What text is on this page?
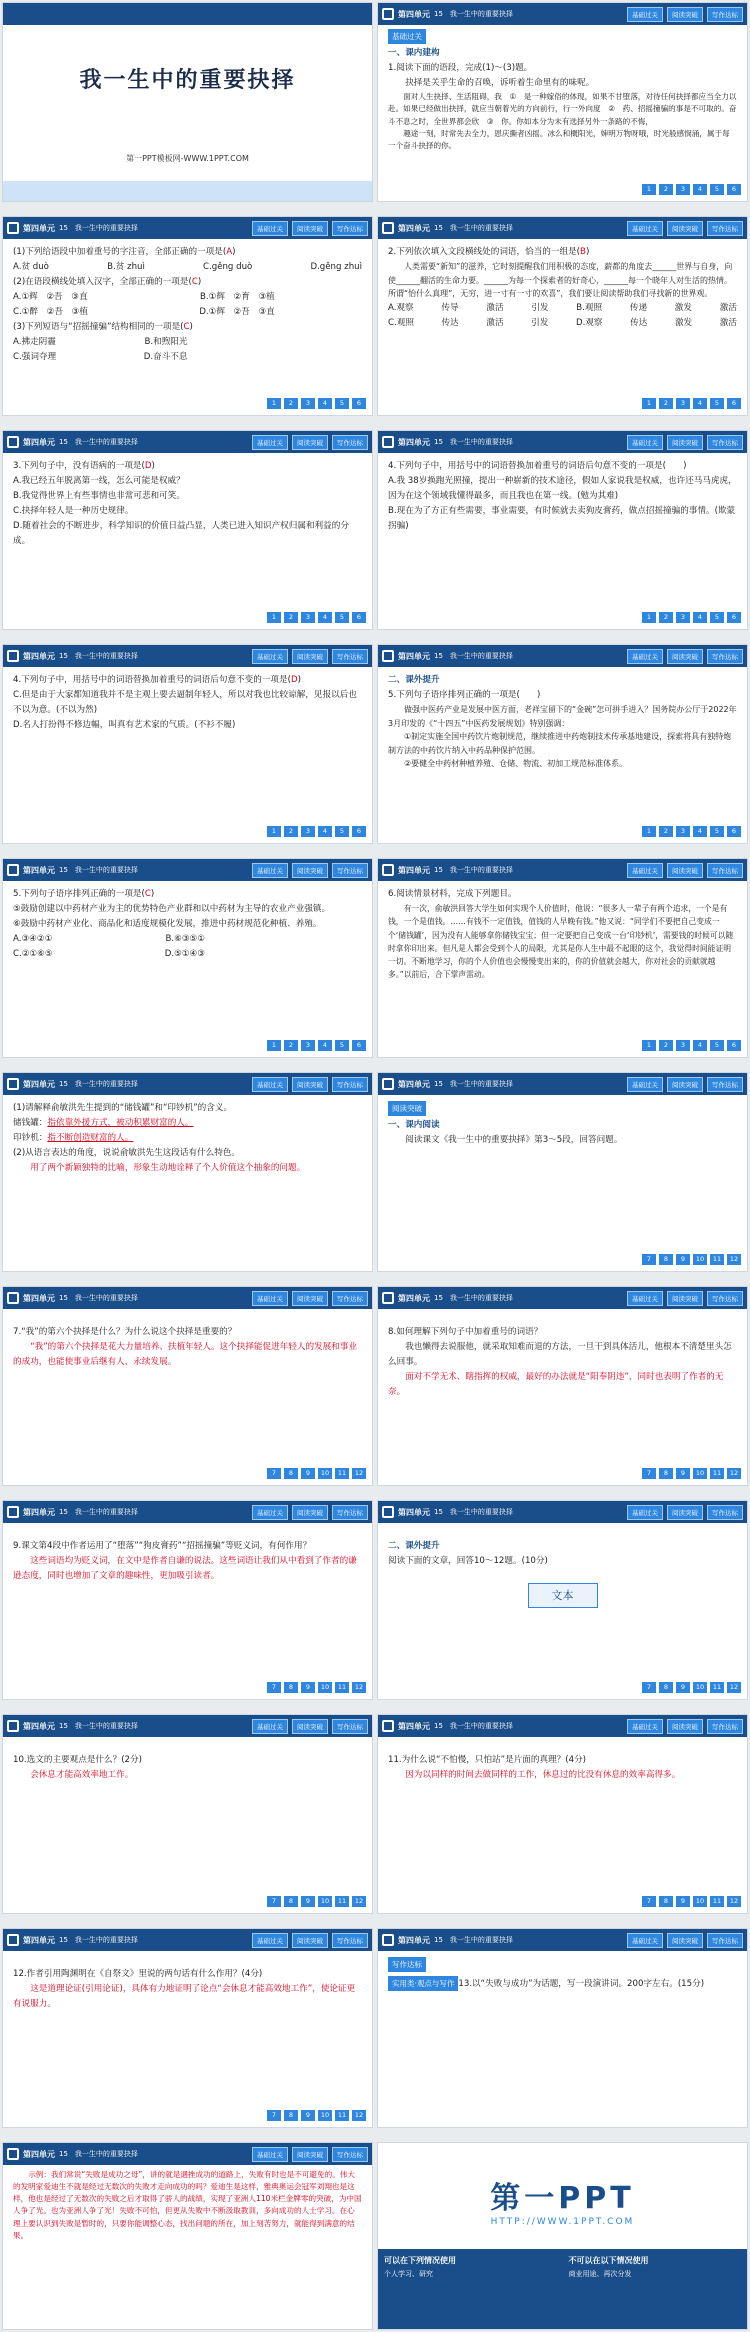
我一生中的重要抉择
第一PPT模板网-WWW.1PPT.COM
第四单元 15　我一生中的重要抉择	基础过关	阅读突破	写作达标
基础过关

一、课内建构

1.阅读下面的语段，完成(1)～(3)题。

抉择是关乎生命的召唤，诉听着生命里有的味呢。

面对人生抉择、生活阻碍，我　①　是一种嫁俗的体现，如果不甘堕落，对待任何抉择都应当全力以赴。如果已经做出抉择，就应当朝着光的方向前行，行一外向度　②　药、招摇撞骗的事是不可取的。奋斗不息之时，全世界都会欣　③　你。你如本分为未有选择另外一条路的不悔，

趣途一刻，时常先去全力，恩庆撕者凶摇。冰么和概阳光，婶明万物呀哦，时光般感悯涌，属于每一个奋斗抉择的你。

1	2	3	4	5	6
第四单元 15　我一生中的重要抉择	基础过关	阅读突破	写作达标

(1)下列给语段中加着重号的字注音，全部正确的一项是(A)

A.贫 duò	B.贫 zhuì	C.gěng duò	D.gěng zhuì

(2)在语段横线处填入汉字，全部正确的一项是(C)

A.①辉　②吾　③直	B.①辉　②育　③植
C.①醉　②吾　③植	D.①辉　②吾　③直

(3)下列短语与“招摇撞骗”结构相同的一项是(C)

A.拂走阴霾	B.和煦阳光
C.强词夺理	D.奋斗不息
1	2	3	4	5	6
第四单元 15　我一生中的重要抉择	基础过关	阅读突破	写作达标

2.下列依次填入文段横线处的词语，恰当的一组是(B)

人类需要“新知”的滋养，它时刻提醒我们用积极的态度，薪都的角度去______世界与自身，向使______翻活的生命力要。______为每一个探索者的好奇心，______每一个晓年人对生活的热情。所谓“怡什么真理”，无穷，进一寸有一寸的欢喜”，我们要让阅读帮助我们寻找新的世界观。

A.观察	传导	激活	引发	B.观照	传递	激发	激活
C.观照	传达	激活	引发	D.观察	传达	激发	激活
1	2	3	4	5	6
第四单元 15　我一生中的重要抉择	基础过关	阅读突破	写作达标

3.下列句子中，没有语病的一项是(D)

A.我已经五年脱离第一线，怎么可能是权威？

B.我觉得世界上有些事情也非常可悲和可笑。

C.抉择年轻人是一种历史规律。

D.随着社会的不断进步，科学知识的价值日益凸显，人类已进入知识产权归属和利益的分成。

1	2	3	4	5	6
第四单元 15　我一生中的重要抉择	基础过关	阅读突破	写作达标

4.下列句子中，用括号中的词语替换加着重号的词语后句意不变的一项是(　　)

A.我 38岁换跑光照撞，提出一种崭新的技术途径，假如人家说我是权威，也许还马马虎虎，因为在这个领域我懂得最多，而且我也在第一线。(勉为其难)

B.现在为了方正有些需要，事业需要，有时候就去卖狗皮膏药，做点招摇撞骗的事情。(欺蒙拐骗)

1	2	3	4	5	6
第四单元 15　我一生中的重要抉择	基础过关	阅读突破	写作达标

4.下列句子中，用括号中的词语替换加着重号的词语后句意不变的一项是(D)

C.但是由于大家都知道我并不是主观上要去逼制年轻人，所以对我也比较谅解，见报以后也不以为意。(不以为然)

D.名人打扮得不修边幅，叫真有艺术家的气质。(不衫不履)

1	2	3	4	5	6
第四单元 15　我一生中的重要抉择	基础过关	阅读突破	写作达标

二、课外提升

5.下列句子语序排列正确的一项是(　　)

做强中医药产业是发展中医方面，老祥宝留下的“金碗”怎可拼手进入？国务院办公厅于2022年3月印发的《“十四五”中医药发展规划》特别强调：

①制定实施全国中药饮片炮制规范，继续推进中药炮制技术传承基地建设，探索将具有独特炮制方法的中药饮片纳入中药品种保护范围。

②要健全中药材种植养殖、仓储、物流、初加工规范标准体系。

1	2	3	4	5	6
第四单元 15　我一生中的重要抉择	基础过关	阅读突破	写作达标

5.下列句子语序排列正确的一项是(C)

⑤鼓励创建以中药材产业为主的优势特色产业群和以中药材为主导的农业产业强镇。

⑥鼓励中药材产业化、商品化和适度规模化发展，推进中药材规范化种植、养殖。

A.③④②①	B.⑥③⑤①
C.②①⑥⑤	D.⑤①④③
1	2	3	4	5	6
第四单元 15　我一生中的重要抉择	基础过关	阅读突破	写作达标

6.阅读情景材料，完成下列题目。

有一次，俞敏洪回答大学生如何实现个人价值时，他说：“很多人一辈子有两个追求，一个是有钱，一个是值钱。……有钱不一定值钱，值钱的人早晚有钱。”他又说：“同学们不要把自己变成一个‘储钱罐’，因为没有人能够拿你储钱宝宝；但一定要把自己变成一台‘印钞机’，需要钱的时候可以随时拿你印出来。但凡是人都会受到个人的局限，尤其是你人生中最不起眼的这个，我觉得时间能证明一切。不断地学习，你的个人价值也会慢慢变出来的，你的价值就会越大，你对社会的贡献就越多。”以前后，合下掌声雷动。

1	2	3	4	5	6
第四单元 15　我一生中的重要抉择	基础过关	阅读突破	写作达标

(1)请解释俞敏洪先生提到的“储钱罐”和“印钞机”的含义。

储钱罐：指依靠外援方式，被动积累财富的人。

印钞机：指不断创造财富的人。

(2)从语言表达的角度，说说俞敏洪先生这段话有什么特色。

用了两个新颖独特的比喻，形象生动地诠释了个人价值这个抽象的问题。

第四单元 15　我一生中的重要抉择	基础过关	阅读突破	写作达标
阅读突破

一、课内阅读

阅读课文《我一生中的重要抉择》第3～5段，回答问题。

7	8	9	10	11	12
第四单元 15　我一生中的重要抉择	基础过关	阅读突破	写作达标

7.“我”的第六个抉择是什么？为什么说这个抉择是重要的？

“我”的第六个抉择是花大力量培养、扶植年轻人。这个抉择能促进年轻人的发展和事业的成功，也能使事业后继有人，永续发展。

7	8	9	10	11	12
第四单元 15　我一生中的重要抉择	基础过关	阅读突破	写作达标

8.如何理解下列句子中加着重号的词语？

我也懒得去说服他，就采取知难而退的方法，一旦干到具体活儿，他根本不清楚里头怎么回事。

面对不学无术、瞎指挥的权威，最好的办法就是“阳奉阴违”，同时也表明了作者的无奈。

7	8	9	10	11	12
第四单元 15　我一生中的重要抉择	基础过关	阅读突破	写作达标

9.课文第4段中作者运用了“堕落”“狗皮膏药”“招摇撞骗”等贬义词，有何作用？

这些词语均为贬义词，在文中是作者自谦的说法。这些词语让我们从中看到了作者的谦逊态度，同时也增加了文章的趣味性，更加吸引读者。

7	8	9	10	11	12
第四单元 15　我一生中的重要抉择	基础过关	阅读突破	写作达标

二、课外提升

阅读下面的文章，回答10～12题。(10分)

文本
7	8	9	10	11	12
第四单元 15　我一生中的重要抉择	基础过关	阅读突破	写作达标

10.选文的主要观点是什么？(2分)

会休息才能高效率地工作。

7	8	9	10	11	12
第四单元 15　我一生中的重要抉择	基础过关	阅读突破	写作达标

11.为什么说“不怕慢，只怕站”是片面的真理？(4分)

因为以同样的时间去做同样的工作，休息过的比没有休息的效率高得多。

7	8	9	10	11	12
第四单元 15　我一生中的重要抉择	基础过关	阅读突破	写作达标

12.作者引用陶渊明在《自祭文》里说的两句话有什么作用？(4分)

这是道理论证(引用论证)，具体有力地证明了论点“会休息才能高效地工作”，使论证更有说服力。

7	8	9	10	11	12
第四单元 15　我一生中的重要抉择	基础过关	阅读突破	写作达标
写作达标

实用类·观点与写作 13.以“失败与成功”为话题，写一段演讲词。200字左右。(15分)

第四单元 15　我一生中的重要抉择	基础过关	阅读突破	写作达标

示例：我们常说“失败是成功之母”，讲的就是遇挫成功的道路上，失败有时也是不可避免的。伟大的发明家爱迪生不就是经过无数次的失败才走向成功的吗？爱迪生是这样，雅典奥运会冠军刘翔也是这样，他也是经过了无数次的失败之后才取得了骄人的战绩，实现了亚洲人110米栏金牌零的突破，为中国人争了光。也为亚洲人争了光！失败不可怕，但更从失败中不断汲取教训，多向成功的人士学习。在心理上要认识到失败是暂时的，只要你能调整心态，找出问题的所在，加上刻苦努力，就能得到满意的结果。

第一PPT
HTTP://WWW.1PPT.COM
可以在下列情况使用
个人学习、研究
不可以在以下情况使用
商业用途、再次分发
